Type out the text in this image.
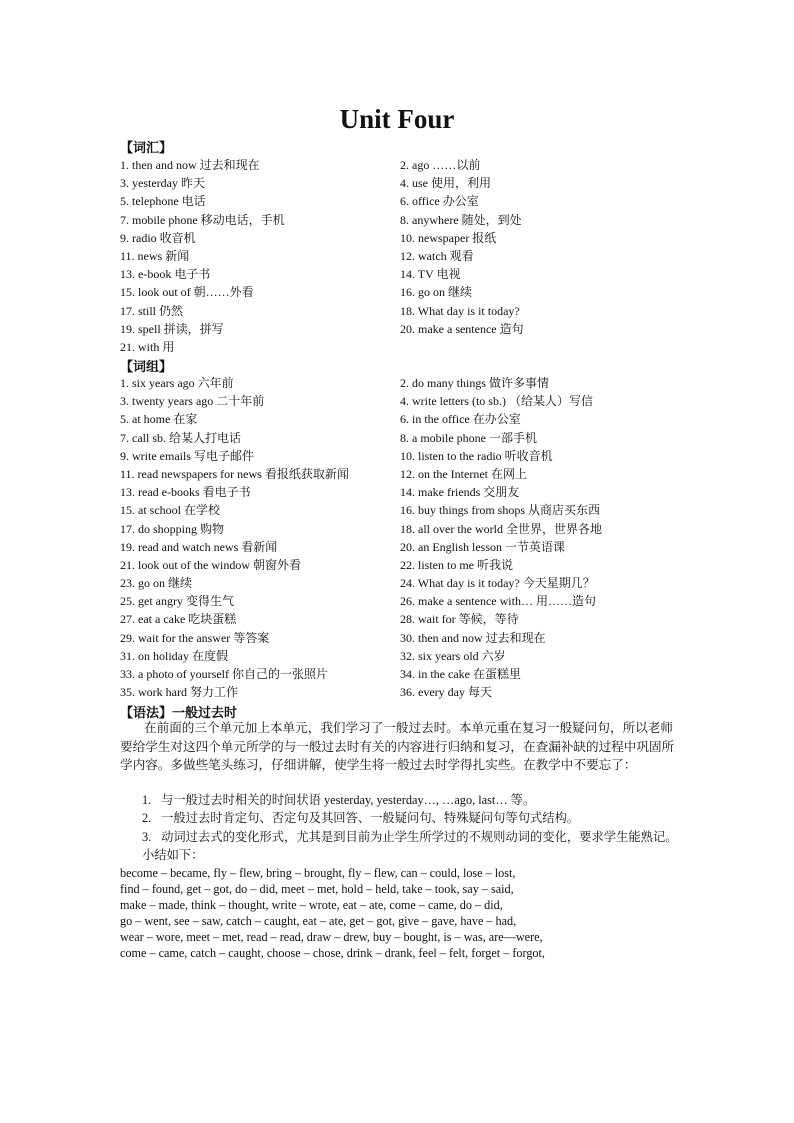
Unit Four
【词汇】
1. then and now 过去和现在	2. ago ……以前
3. yesterday 昨天	4. use 使用，利用
5. telephone 电话	6. office 办公室
7. mobile phone 移动电话，手机	8. anywhere 随处，到处
9. radio 收音机	10. newspaper 报纸
11. news 新闻	12. watch 观看
13. e-book 电子书	14. TV 电视
15. look out of 朝……外看	16. go on 继续
17. still 仍然	18. What day is it today?
19. spell 拼读，拼写	20. make a sentence 造句
21. with 用
【词组】
1. six years ago 六年前	2. do many things 做许多事情
3. twenty years ago 二十年前	4. write letters (to sb.) （给某人）写信
5. at home 在家	6. in the office 在办公室
7. call sb. 给某人打电话	8. a mobile phone 一部手机
9. write emails 写电子邮件	10. listen to the radio 听收音机
11. read newspapers for news 看报纸获取新闻	12. on the Internet 在网上
13. read e-books 看电子书	14. make friends 交朋友
15. at school 在学校	16. buy things from shops 从商店买东西
17. do shopping 购物	18. all over the world 全世界，世界各地
19. read and watch news 看新闻	20. an English lesson 一节英语课
21. look out of the window 朝窗外看	22. listen to me 听我说
23. go on 继续	24. What day is it today? 今天星期几？
25. get angry 变得生气	26. make a sentence with… 用……造句
27. eat a cake 吃块蛋糕	28. wait for 等候，等待
29. wait for the answer 等答案	30. then and now 过去和现在
31. on holiday 在度假	32. six years old 六岁
33. a photo of yourself 你自己的一张照片	34. in the cake 在蛋糕里
35. work hard 努力工作	36. every day 每天
【语法】一般过去时
在前面的三个单元加上本单元，我们学习了一般过去时。本单元重在复习一般疑问句，所以老师要给学生对这四个单元所学的与一般过去时有关的内容进行归纳和复习，在查漏补缺的过程中巩固所学内容。多做些笔头练习，仔细讲解，使学生将一般过去时学得扎实些。在教学中不要忘了：
1. 与一般过去时相关的时间状语 yesterday, yesterday…, …ago, last… 等。
2. 一般过去时肯定句、否定句及其回答、一般疑问句、特殊疑问句等句式结构。
3. 动词过去式的变化形式，尤其是到目前为止学生所学过的不规则动词的变化，要求学生能熟记。小结如下：
become – became, fly – flew, bring – brought, fly – flew, can – could, lose – lost,
find – found, get – got, do – did, meet – met, hold – held, take – took, say – said,
make – made, think – thought, write – wrote, eat – ate, come – came, do – did,
go – went, see – saw, catch – caught, eat – ate, get – got, give – gave, have – had,
wear – wore, meet – met, read – read, draw – drew, buy – bought, is – was, are—were,
come – came, catch – caught, choose – chose, drink – drank, feel – felt, forget – forgot,
